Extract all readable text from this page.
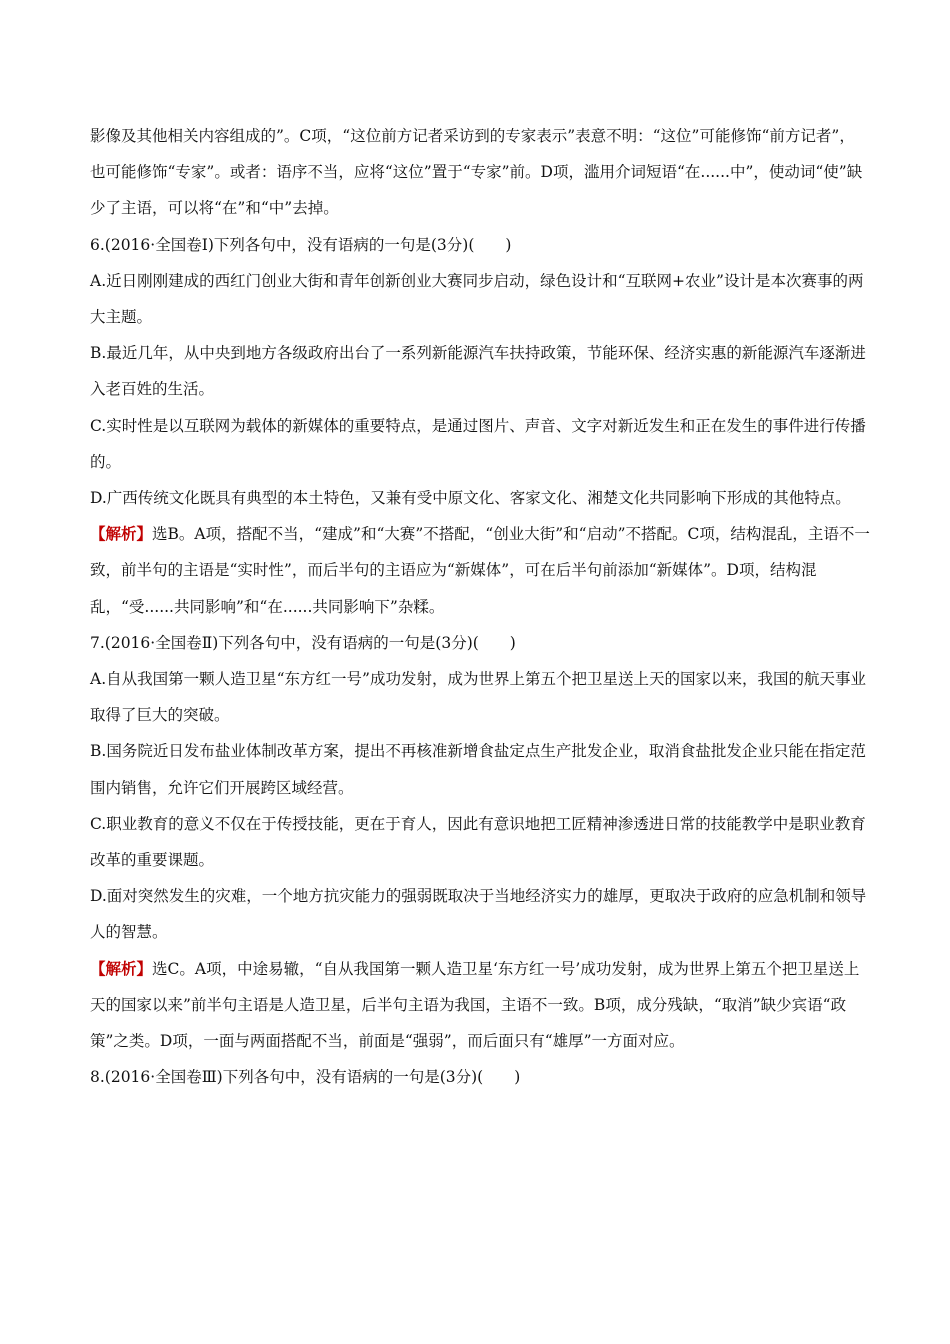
影像及其他相关内容组成的”。C项，“这位前方记者采访到的专家表示”表意不明：“这位”可能修饰“前方记者”，也可能修饰“专家”。或者：语序不当，应将“这位”置于“专家”前。D项，滥用介词短语“在......中”，使动词“使”缺少了主语，可以将“在”和“中”去掉。

6.(2016·全国卷Ⅰ)下列各句中，没有语病的一句是(3分)(　　)

A.近日刚刚建成的西红门创业大街和青年创新创业大赛同步启动，绿色设计和“互联网+农业”设计是本次赛事的两大主题。

B.最近几年，从中央到地方各级政府出台了一系列新能源汽车扶持政策，节能环保、经济实惠的新能源汽车逐渐进入老百姓的生活。

C.实时性是以互联网为载体的新媒体的重要特点，是通过图片、声音、文字对新近发生和正在发生的事件进行传播的。

D.广西传统文化既具有典型的本土特色，又兼有受中原文化、客家文化、湘楚文化共同影响下形成的其他特点。

【解析】选B。A项，搭配不当，“建成”和“大赛”不搭配，“创业大街”和“启动”不搭配。C项，结构混乱，主语不一致，前半句的主语是“实时性”，而后半句的主语应为“新媒体”，可在后半句前添加“新媒体”。D项，结构混乱，“受......共同影响”和“在......共同影响下”杂糅。

7.(2016·全国卷Ⅱ)下列各句中，没有语病的一句是(3分)(　　)

A.自从我国第一颗人造卫星“东方红一号”成功发射，成为世界上第五个把卫星送上天的国家以来，我国的航天事业取得了巨大的突破。

B.国务院近日发布盐业体制改革方案，提出不再核准新增食盐定点生产批发企业，取消食盐批发企业只能在指定范围内销售，允许它们开展跨区域经营。

C.职业教育的意义不仅在于传授技能，更在于育人，因此有意识地把工匠精神渗透进日常的技能教学中是职业教育改革的重要课题。

D.面对突然发生的灾难，一个地方抗灾能力的强弱既取决于当地经济实力的雄厚，更取决于政府的应急机制和领导人的智慧。

【解析】选C。A项，中途易辙，“自从我国第一颗人造卫星‘东方红一号’成功发射，成为世界上第五个把卫星送上天的国家以来”前半句主语是人造卫星，后半句主语为我国，主语不一致。B项，成分残缺，“取消”缺少宾语“政策”之类。D项，一面与两面搭配不当，前面是“强弱”，而后面只有“雄厚”一方面对应。

8.(2016·全国卷Ⅲ)下列各句中，没有语病的一句是(3分)(　　)
